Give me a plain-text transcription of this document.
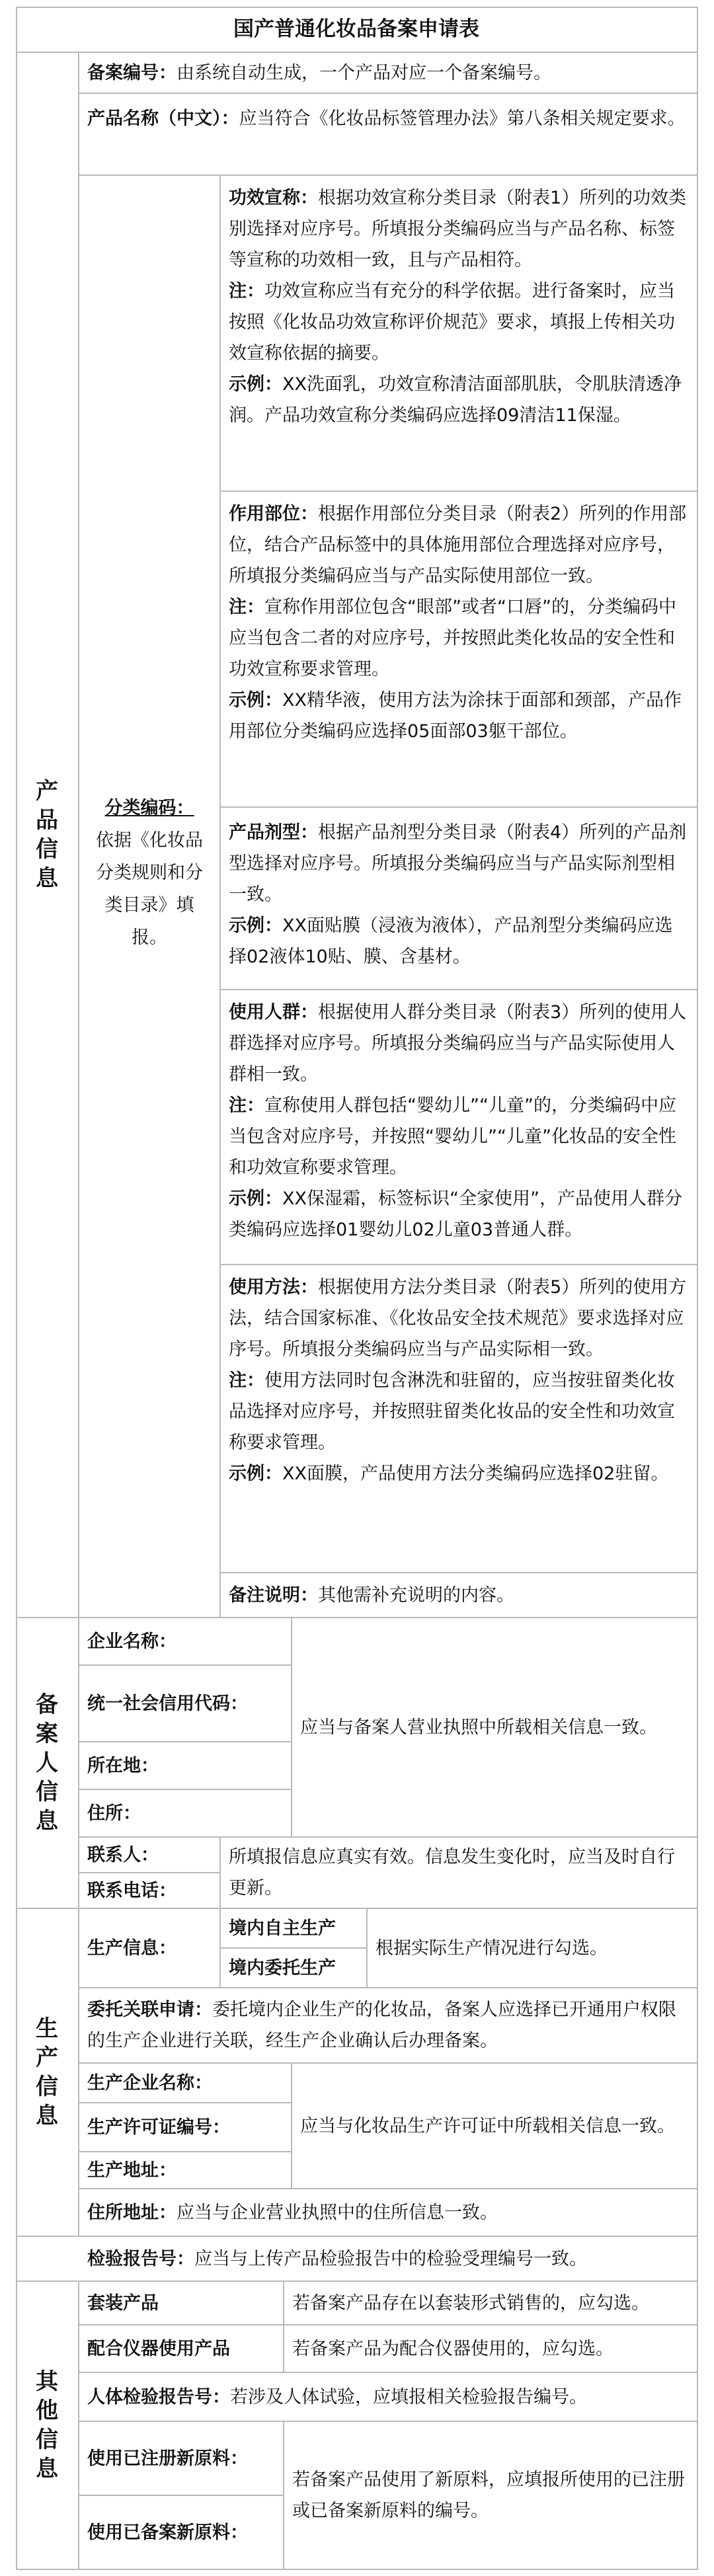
国产普通化妆品备案申请表
产品信息
备案编号：由系统自动生成，一个产品对应一个备案编号。
产品名称（中文）：应当符合《化妆品标签管理办法》第八条相关规定要求。
分类编码：
依据《化妆品分类规则和分类目录》填报。
功效宣称：根据功效宣称分类目录（附表1）所列的功效类别选择对应序号。所填报分类编码应当与产品名称、标签等宣称的功效相一致，且与产品相符。
注：功效宣称应当有充分的科学依据。进行备案时，应当按照《化妆品功效宣称评价规范》要求，填报上传相关功效宣称依据的摘要。
示例：XX洗面乳，功效宣称清洁面部肌肤，令肌肤清透净润。产品功效宣称分类编码应选择09清洁11保湿。
作用部位：根据作用部位分类目录（附表2）所列的作用部位，结合产品标签中的具体施用部位合理选择对应序号，所填报分类编码应当与产品实际使用部位一致。
注：宣称作用部位包含“眼部”或者“口唇”的，分类编码中应当包含二者的对应序号，并按照此类化妆品的安全性和功效宣称要求管理。
示例：XX精华液，使用方法为涂抹于面部和颈部，产品作用部位分类编码应选择05面部03躯干部位。
产品剂型：根据产品剂型分类目录（附表4）所列的产品剂型选择对应序号。所填报分类编码应当与产品实际剂型相一致。
示例：XX面贴膜（浸液为液体），产品剂型分类编码应选择02液体10贴、膜、含基材。
使用人群：根据使用人群分类目录（附表3）所列的使用人群选择对应序号。所填报分类编码应当与产品实际使用人群相一致。
注：宣称使用人群包括“婴幼儿”“儿童”的，分类编码中应当包含对应序号，并按照“婴幼儿”“儿童”化妆品的安全性和功效宣称要求管理。
示例：XX保湿霜，标签标识“全家使用”，产品使用人群分类编码应选择01婴幼儿02儿童03普通人群。
使用方法：根据使用方法分类目录（附表5）所列的使用方法，结合国家标准、《化妆品安全技术规范》要求选择对应序号。所填报分类编码应当与产品实际相一致。
注：使用方法同时包含淋洗和驻留的，应当按驻留类化妆品选择对应序号，并按照驻留类化妆品的安全性和功效宣称要求管理。
示例：XX面膜，产品使用方法分类编码应选择02驻留。
备注说明：其他需补充说明的内容。
备案人信息
企业名称：
统一社会信用代码：
所在地：
住所：
应当与备案人营业执照中所载相关信息一致。
联系人：
联系电话：
所填报信息应真实有效。信息发生变化时，应当及时自行更新。
生产信息
生产信息：
境内自主生产
境内委托生产
根据实际生产情况进行勾选。
委托关联申请：委托境内企业生产的化妆品，备案人应选择已开通用户权限的生产企业进行关联，经生产企业确认后办理备案。
生产企业名称：
生产许可证编号：
生产地址：
应当与化妆品生产许可证中所载相关信息一致。
住所地址：应当与企业营业执照中的住所信息一致。
检验报告号：应当与上传产品检验报告中的检验受理编号一致。
其他信息
套装产品	若备案产品存在以套装形式销售的，应勾选。
配合仪器使用产品	若备案产品为配合仪器使用的，应勾选。
人体检验报告号：若涉及人体试验，应填报相关检验报告编号。
使用已注册新原料：
使用已备案新原料：
若备案产品使用了新原料，应填报所使用的已注册或已备案新原料的编号。
